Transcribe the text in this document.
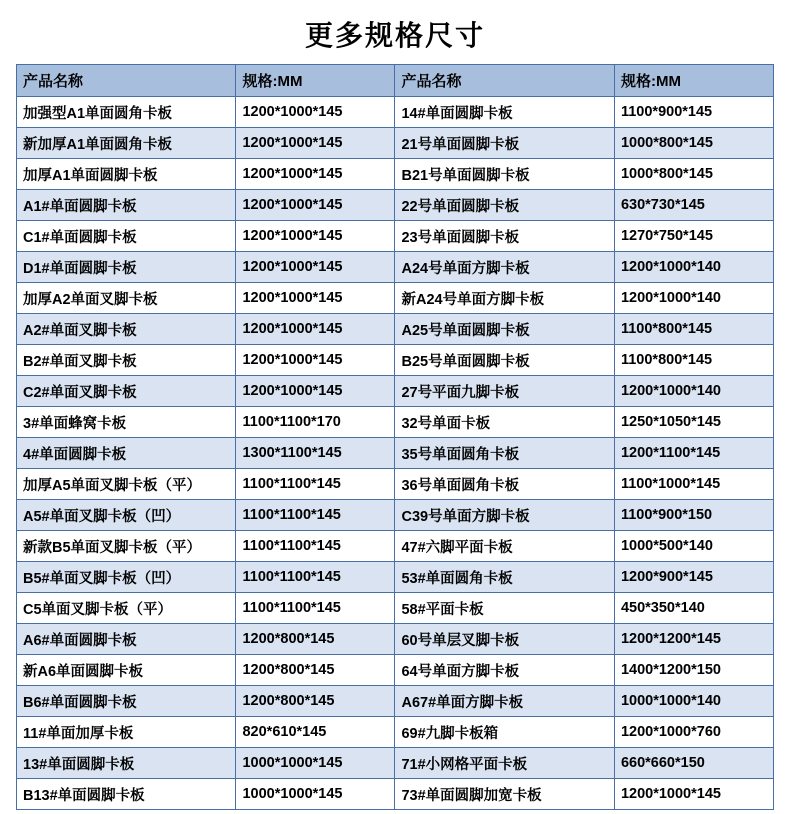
更多规格尺寸
产品名称	规格:MM	产品名称	规格:MM
加强型A1单面圆角卡板	1200*1000*145	14#单面圆脚卡板	1100*900*145
新加厚A1单面圆角卡板	1200*1000*145	21号单面圆脚卡板	1000*800*145
加厚A1单面圆脚卡板	1200*1000*145	B21号单面圆脚卡板	1000*800*145
A1#单面圆脚卡板	1200*1000*145	22号单面圆脚卡板	630*730*145
C1#单面圆脚卡板	1200*1000*145	23号单面圆脚卡板	1270*750*145
D1#单面圆脚卡板	1200*1000*145	A24号单面方脚卡板	1200*1000*140
加厚A2单面叉脚卡板	1200*1000*145	新A24号单面方脚卡板	1200*1000*140
A2#单面叉脚卡板	1200*1000*145	A25号单面圆脚卡板	1100*800*145
B2#单面叉脚卡板	1200*1000*145	B25号单面圆脚卡板	1100*800*145
C2#单面叉脚卡板	1200*1000*145	27号平面九脚卡板	1200*1000*140
3#单面蜂窝卡板	1100*1100*170	32号单面卡板	1250*1050*145
4#单面圆脚卡板	1300*1100*145	35号单面圆角卡板	1200*1100*145
加厚A5单面叉脚卡板（平）	1100*1100*145	36号单面圆角卡板	1100*1000*145
A5#单面叉脚卡板（凹）	1100*1100*145	C39号单面方脚卡板	1100*900*150
新款B5单面叉脚卡板（平）	1100*1100*145	47#六脚平面卡板	1000*500*140
B5#单面叉脚卡板（凹）	1100*1100*145	53#单面圆角卡板	1200*900*145
C5单面叉脚卡板（平）	1100*1100*145	58#平面卡板	450*350*140
A6#单面圆脚卡板	1200*800*145	60号单层叉脚卡板	1200*1200*145
新A6单面圆脚卡板	1200*800*145	64号单面方脚卡板	1400*1200*150
B6#单面圆脚卡板	1200*800*145	A67#单面方脚卡板	1000*1000*140
11#单面加厚卡板	820*610*145	69#九脚卡板箱	1200*1000*760
13#单面圆脚卡板	1000*1000*145	71#小网格平面卡板	660*660*150
B13#单面圆脚卡板	1000*1000*145	73#单面圆脚加宽卡板	1200*1000*145
